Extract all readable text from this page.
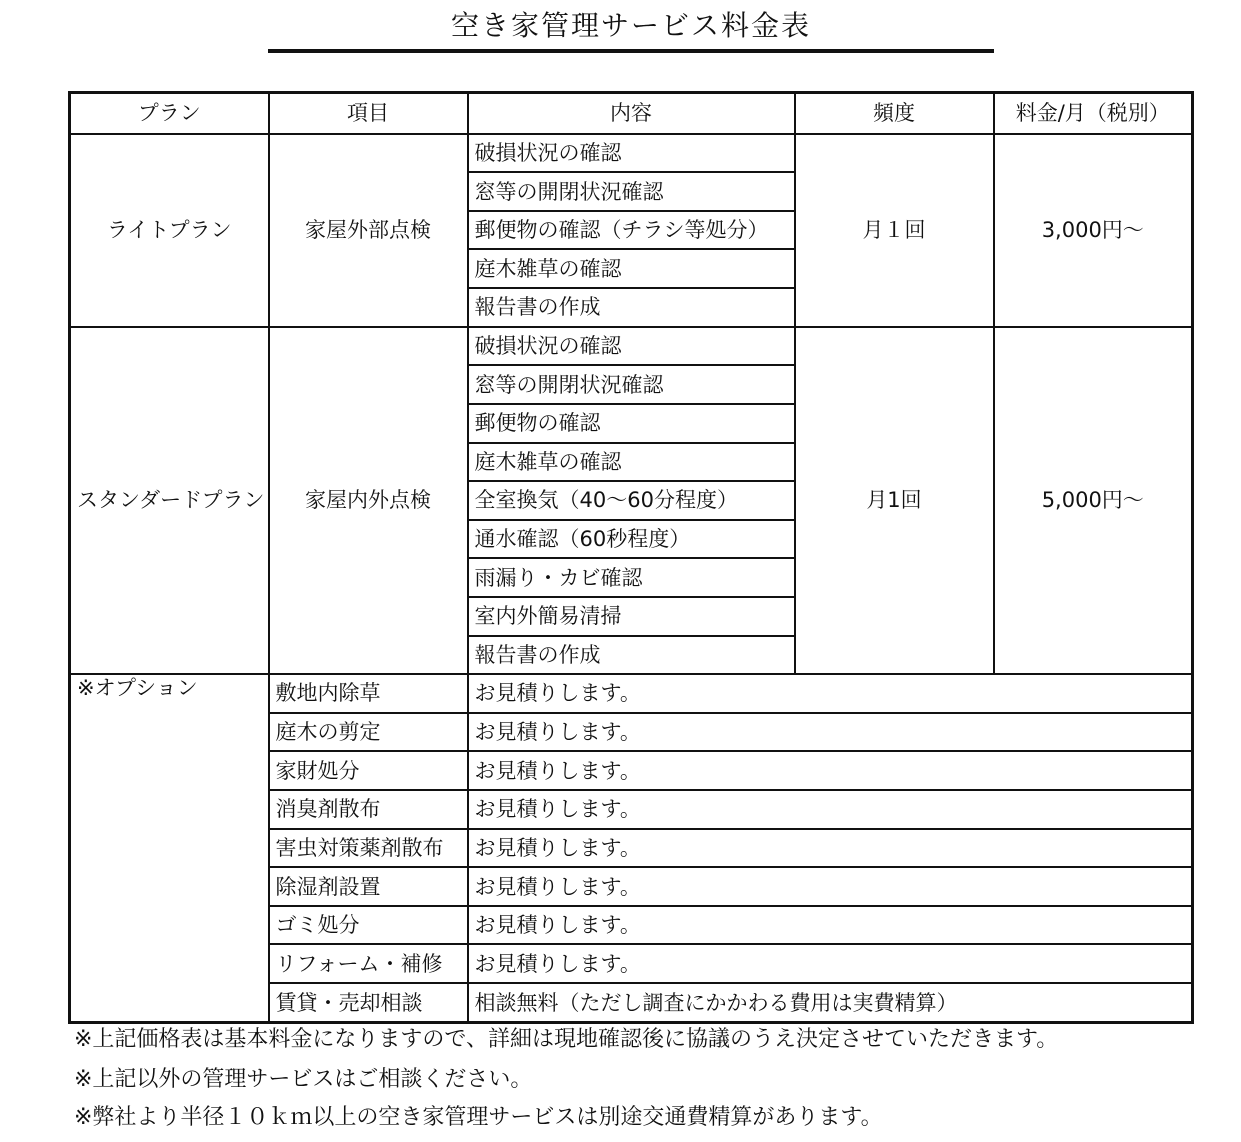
空き家管理サービス料金表
プラン	項目	内容	頻度	料金/月（税別）
ライトプラン	家屋外部点検	破損状況の確認	月１回	3,000円〜
		窓等の開閉状況確認		
		郵便物の確認（チラシ等処分）		
		庭木雑草の確認		
		報告書の作成		
スタンダードプラン	家屋内外点検	破損状況の確認	月1回	5,000円〜
		窓等の開閉状況確認		
		郵便物の確認		
		庭木雑草の確認		
		全室換気（40〜60分程度）		
		通水確認（60秒程度）		
		雨漏り・カビ確認		
		室内外簡易清掃		
		報告書の作成		
※オプション	敷地内除草	お見積りします。		
	庭木の剪定	お見積りします。		
	家財処分	お見積りします。		
	消臭剤散布	お見積りします。		
	害虫対策薬剤散布	お見積りします。		
	除湿剤設置	お見積りします。		
	ゴミ処分	お見積りします。		
	リフォーム・補修	お見積りします。		
	賃貸・売却相談	相談無料（ただし調査にかかわる費用は実費精算）		
※上記価格表は基本料金になりますので、詳細は現地確認後に協議のうえ決定させていただきます。
※上記以外の管理サービスはご相談ください。
※弊社より半径１０ｋｍ以上の空き家管理サービスは別途交通費精算があります。
